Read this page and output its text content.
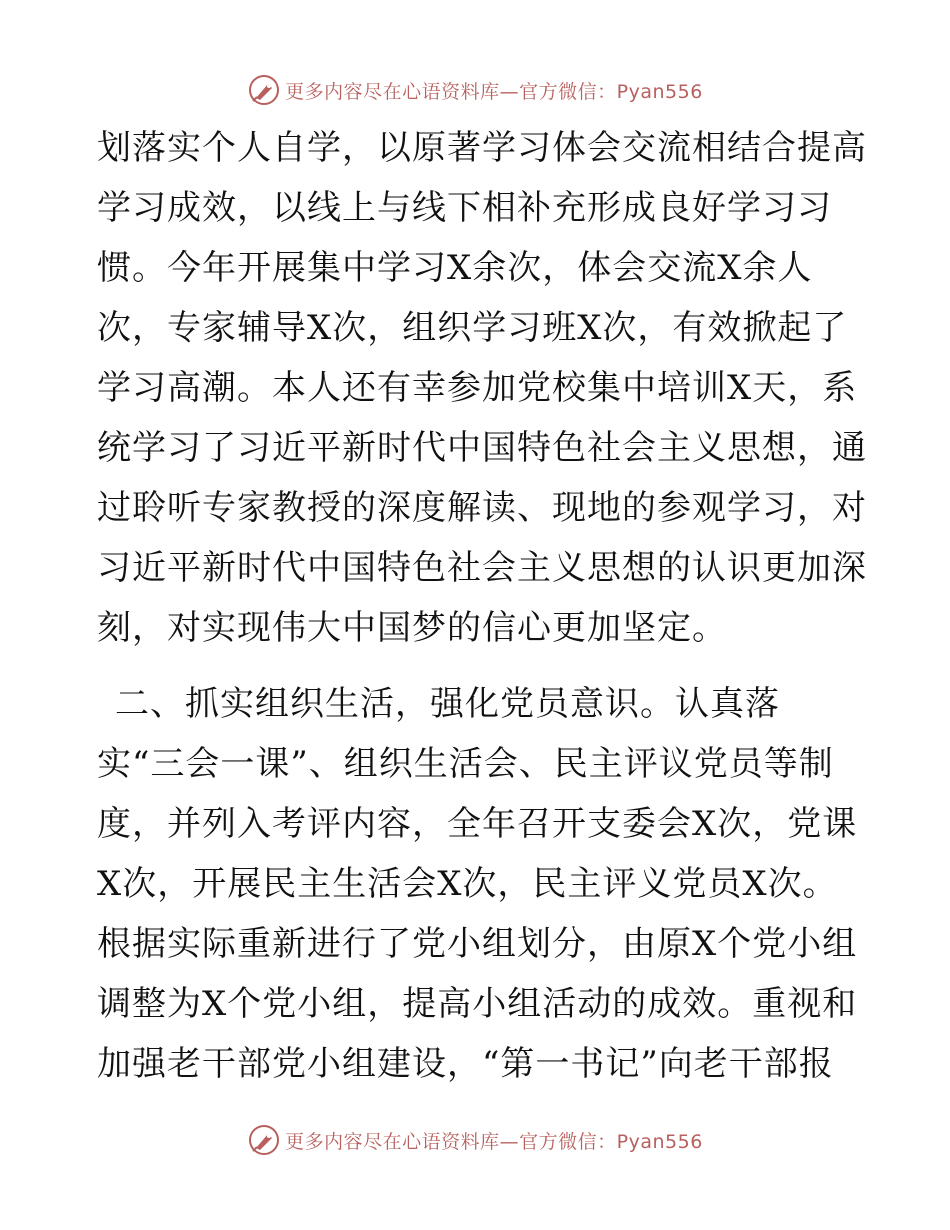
更多内容尽在心语资料库—官方微信：Pyan556
划落实个人自学，以原著学习体会交流相结合提高
学习成效，以线上与线下相补充形成良好学习习
惯。今年开展集中学习X余次，体会交流X余人
次，专家辅导X次，组织学习班X次，有效掀起了
学习高潮。本人还有幸参加党校集中培训X天，系
统学习了习近平新时代中国特色社会主义思想，通
过聆听专家教授的深度解读、现地的参观学习，对
习近平新时代中国特色社会主义思想的认识更加深
刻，对实现伟大中国梦的信心更加坚定。
二、抓实组织生活，强化党员意识。认真落
实“三会一课”、组织生活会、民主评议党员等制
度，并列入考评内容，全年召开支委会X次，党课
X次，开展民主生活会X次，民主评义党员X次。
根据实际重新进行了党小组划分，由原X个党小组
调整为X个党小组，提高小组活动的成效。重视和
加强老干部党小组建设，“第一书记”向老干部报
更多内容尽在心语资料库—官方微信：Pyan556
